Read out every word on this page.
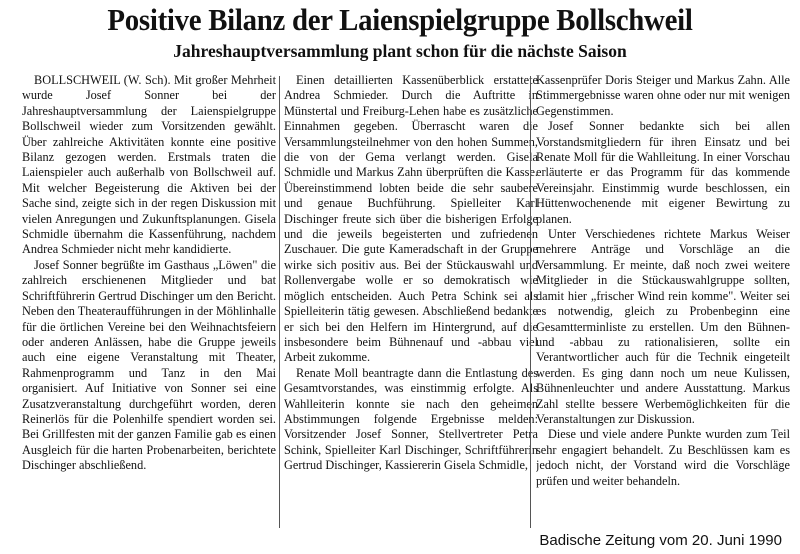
Positive Bilanz der Laienspielgruppe Bollschweil
Jahreshauptversammlung plant schon für die nächste Saison

BOLLSCHWEIL (W. Sch). Mit großer Mehrheit wurde Josef Sonner bei der Jahreshauptversammlung der Laienspielgruppe Bollschweil wieder zum Vorsitzenden gewählt. Über zahlreiche Aktivitäten konnte eine positive Bilanz gezogen werden. Erstmals traten die Laienspieler auch außerhalb von Bollschweil auf. Mit welcher Begeisterung die Aktiven bei der Sache sind, zeigte sich in der regen Diskussion mit vielen Anregungen und Zukunftsplanungen. Gisela Schmidle übernahm die Kassenführung, nachdem Andrea Schmieder nicht mehr kandidierte.

Josef Sonner begrüßte im Gasthaus „Löwen" die zahlreich erschienenen Mitglieder und bat Schriftführerin Gertrud Dischinger um den Bericht. Neben den Theateraufführungen in der Möhlinhalle für die örtlichen Vereine bei den Weihnachtsfeiern oder anderen Anlässen, habe die Gruppe jeweils auch eine eigene Veranstaltung mit Theater, Rahmenprogramm und Tanz in den Mai organisiert. Auf Initiative von Sonner sei eine Zusatzveranstaltung durchgeführt worden, deren Reinerlös für die Polenhilfe spendiert worden sei. Bei Grillfesten mit der ganzen Familie gab es einen Ausgleich für die harten Probenarbeiten, berichtete Dischinger abschließend.

Einen detaillierten Kassenüberblick erstattete Andrea Schmieder. Durch die Auftritte in Münstertal und Freiburg-Lehen habe es zusätzliche Einnahmen gegeben. Überrascht waren die Versammlungsteilnehmer von den hohen Summen, die von der Gema verlangt werden. Gisela Schmidle und Markus Zahn überprüften die Kasse. Übereinstimmend lobten beide die sehr saubere und genaue Buchführung. Spielleiter Karl Dischinger freute sich über die bisherigen Erfolge und die jeweils begeisterten und zufriedenen Zuschauer. Die gute Kameradschaft in der Gruppe wirke sich positiv aus. Bei der Stückauswahl und Rollenvergabe wolle er so demokratisch wie möglich entscheiden. Auch Petra Schink sei als Spielleiterin tätig gewesen. Abschließend bedankte er sich bei den Helfern im Hintergrund, auf die insbesondere beim Bühnenauf und -abbau viel Arbeit zukomme.

Renate Moll beantragte dann die Entlastung des Gesamtvorstandes, was einstimmig erfolgte. Als Wahlleiterin konnte sie nach den geheimen Abstimmungen folgende Ergebnisse melden: Vorsitzender Josef Sonner, Stellvertreter Petra Schink, Spielleiter Karl Dischinger, Schriftführerin Gertrud Dischinger, Kassiererin Gisela Schmidle,

Kassenprüfer Doris Steiger und Markus Zahn. Alle Stimmergebnisse waren ohne oder nur mit wenigen Gegenstimmen.

Josef Sonner bedankte sich bei allen Vorstandsmitgliedern für ihren Einsatz und bei Renate Moll für die Wahlleitung. In einer Vorschau erläuterte er das Programm für das kommende Vereinsjahr. Einstimmig wurde beschlossen, ein Hüttenwochenende mit eigener Bewirtung zu planen.

Unter Verschiedenes richtete Markus Weiser mehrere Anträge und Vorschläge an die Versammlung. Er meinte, daß noch zwei weitere Mitglieder in die Stückauswahlgruppe sollten, damit hier „frischer Wind rein komme". Weiter sei es notwendig, gleich zu Probenbeginn eine Gesamtterminliste zu erstellen. Um den Bühnen- und -abbau zu rationalisieren, sollte ein Verantwortlicher auch für die Technik eingeteilt werden. Es ging dann noch um neue Kulissen, Bühnenleuchter und andere Ausstattung. Markus Zahl stellte bessere Werbemöglichkeiten für die Veranstaltungen zur Diskussion.

Diese und viele andere Punkte wurden zum Teil sehr engagiert behandelt. Zu Beschlüssen kam es jedoch nicht, der Vorstand wird die Vorschläge prüfen und weiter behandeln.

Badische Zeitung vom 20. Juni 1990
